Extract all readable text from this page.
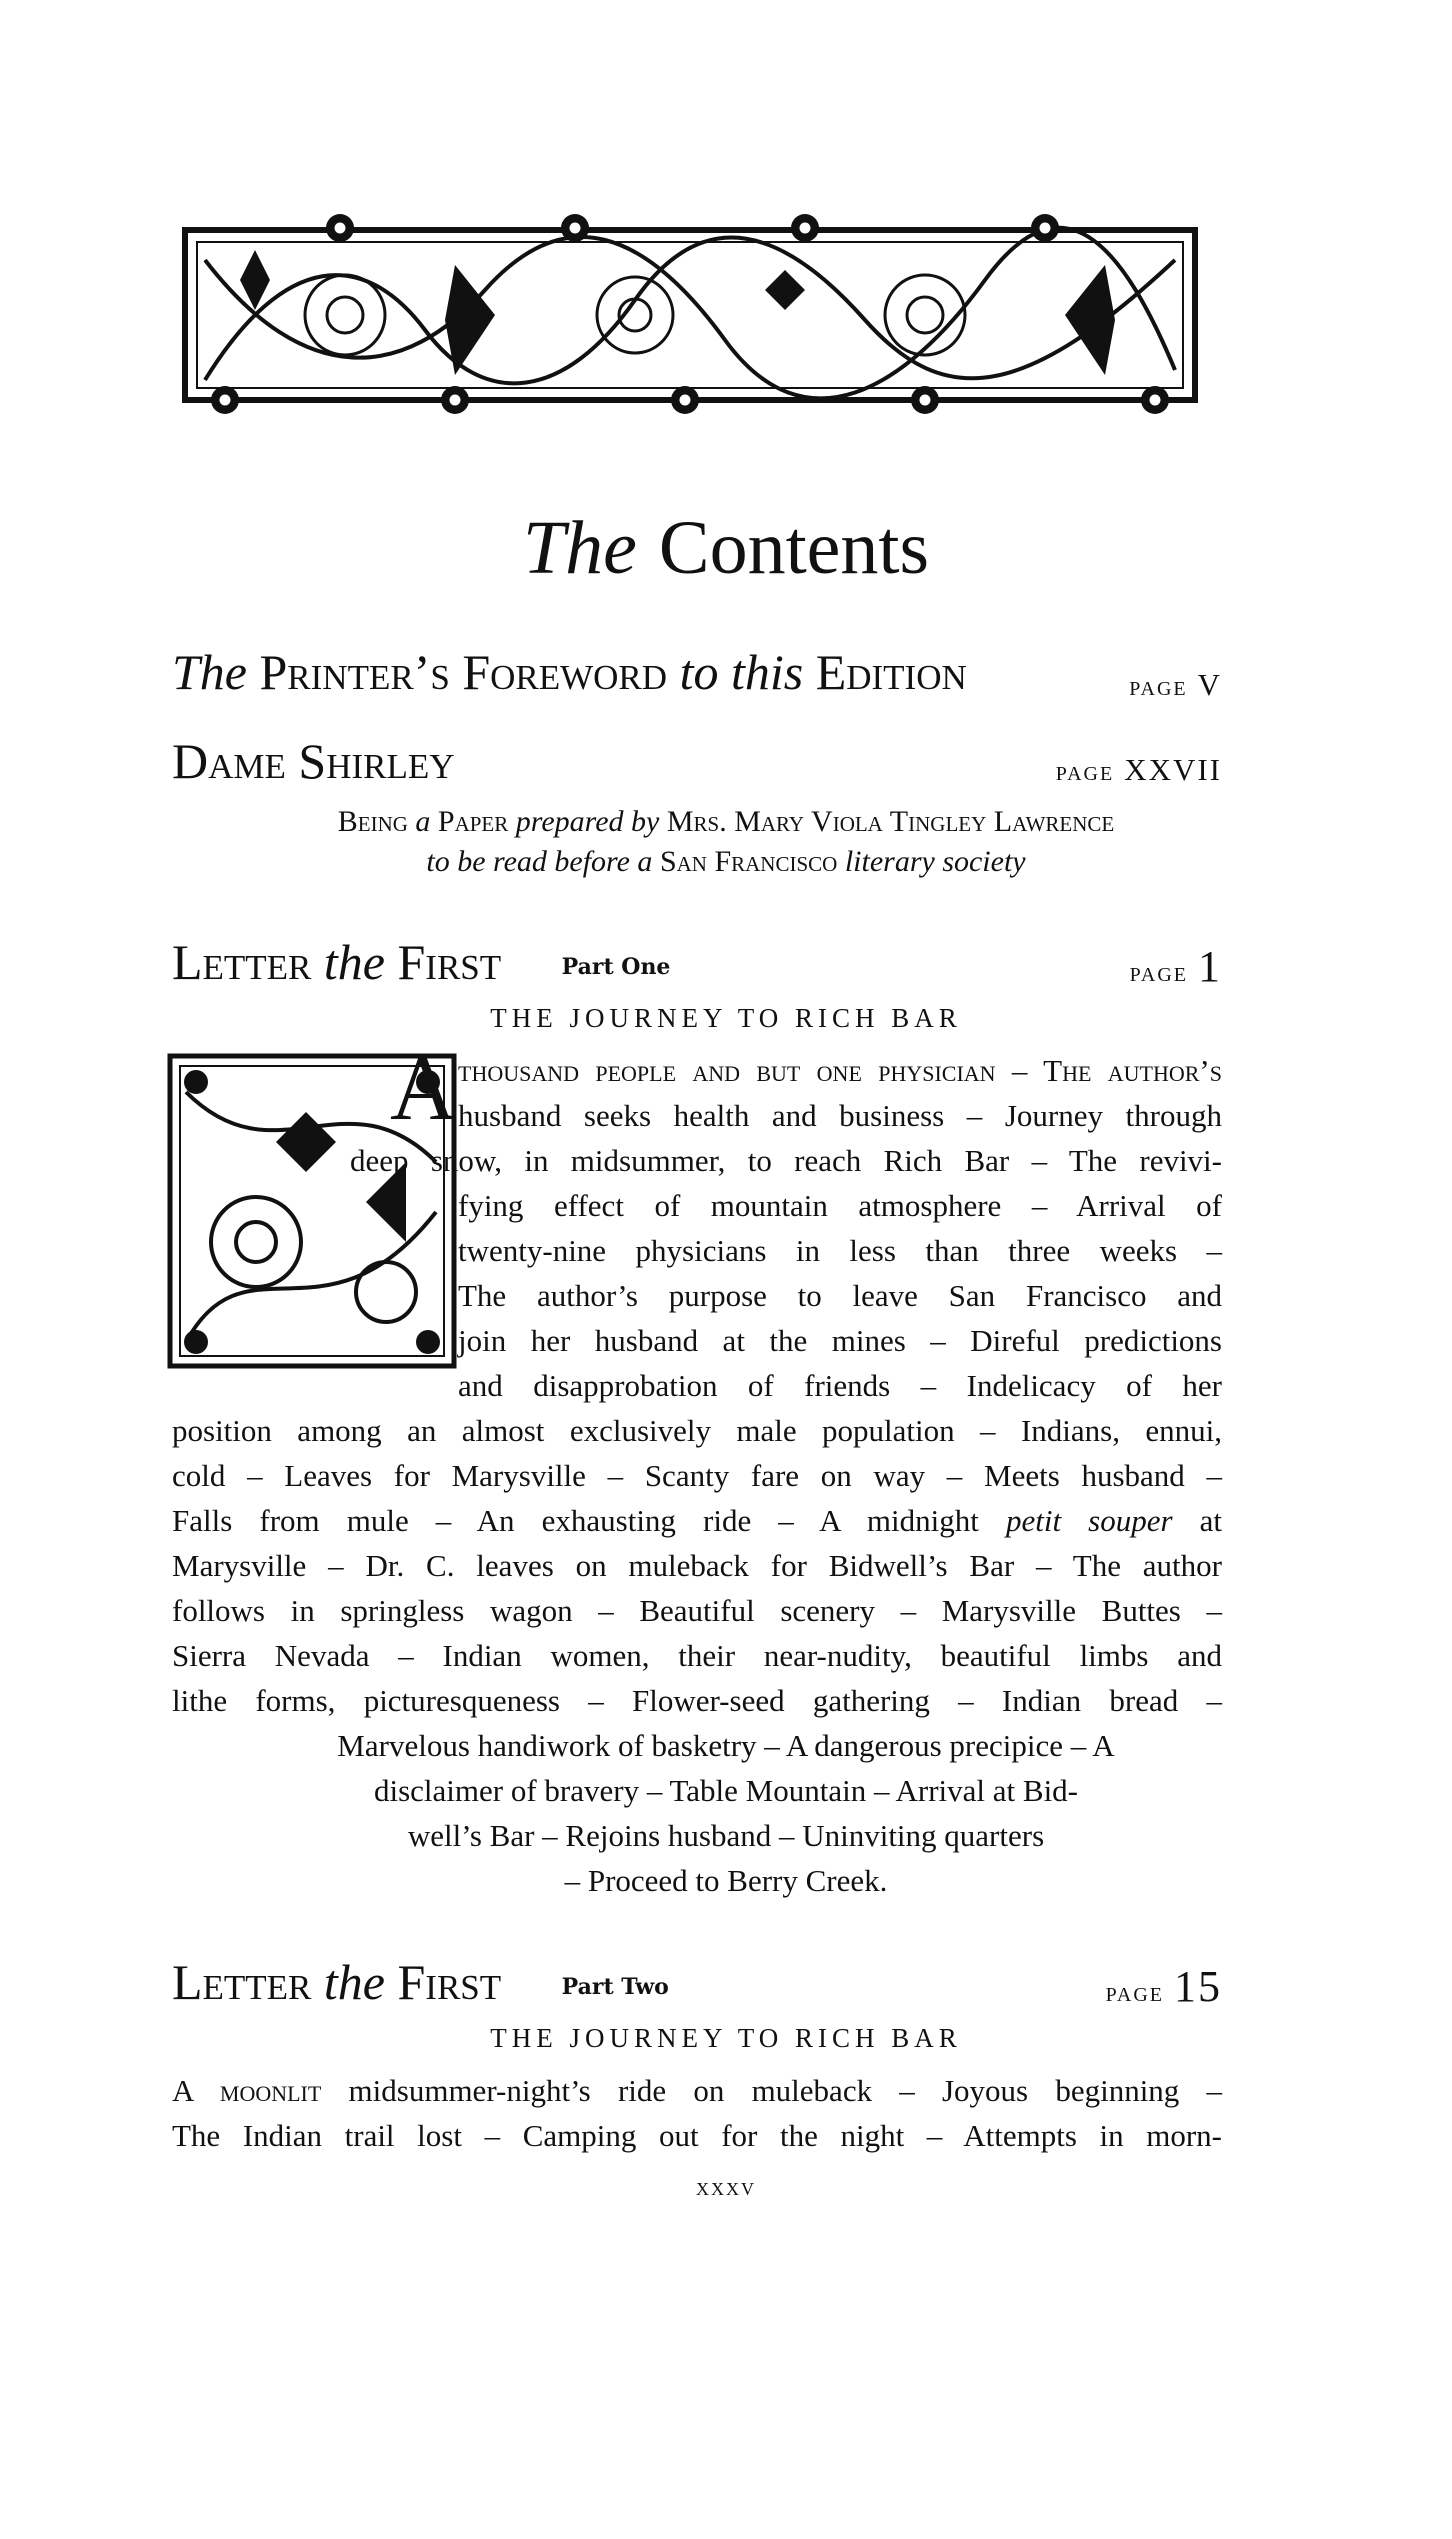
The Contents
The Printer’s Foreword to this Edition	page v
Dame Shirley	page xxvii
Being a Paper prepared by Mrs. Mary Viola Tingley Lawrence
to be read before a San Francisco literary society
Letter the First	Part One	page 1
THE JOURNEY TO RICH BAR
A thousand people and but one physician – The author’s
husband seeks health and business – Journey through
deep snow, in midsummer, to reach Rich Bar – The revivi-
fying effect of mountain atmosphere – Arrival of
twenty-nine physicians in less than three weeks –
The author’s purpose to leave San Francisco and
join her husband at the mines – Direful predictions
and disapprobation of friends – Indelicacy of her
position among an almost exclusively male population – Indians, ennui,
cold – Leaves for Marysville – Scanty fare on way – Meets husband –
Falls from mule – An exhausting ride – A midnight petit souper at
Marysville – Dr. C. leaves on muleback for Bidwell’s Bar – The author
follows in springless wagon – Beautiful scenery – Marysville Buttes –
Sierra Nevada – Indian women, their near-nudity, beautiful limbs and
lithe forms, picturesqueness – Flower-seed gathering – Indian bread –
Marvelous handiwork of basketry – A dangerous precipice – A
disclaimer of bravery – Table Mountain – Arrival at Bid-
well’s Bar – Rejoins husband – Uninviting quarters
– Proceed to Berry Creek.
Letter the First	Part Two	page 15
THE JOURNEY TO RICH BAR
A moonlit midsummer-night’s ride on muleback – Joyous beginning –
The Indian trail lost – Camping out for the night – Attempts in morn-
xxxv
